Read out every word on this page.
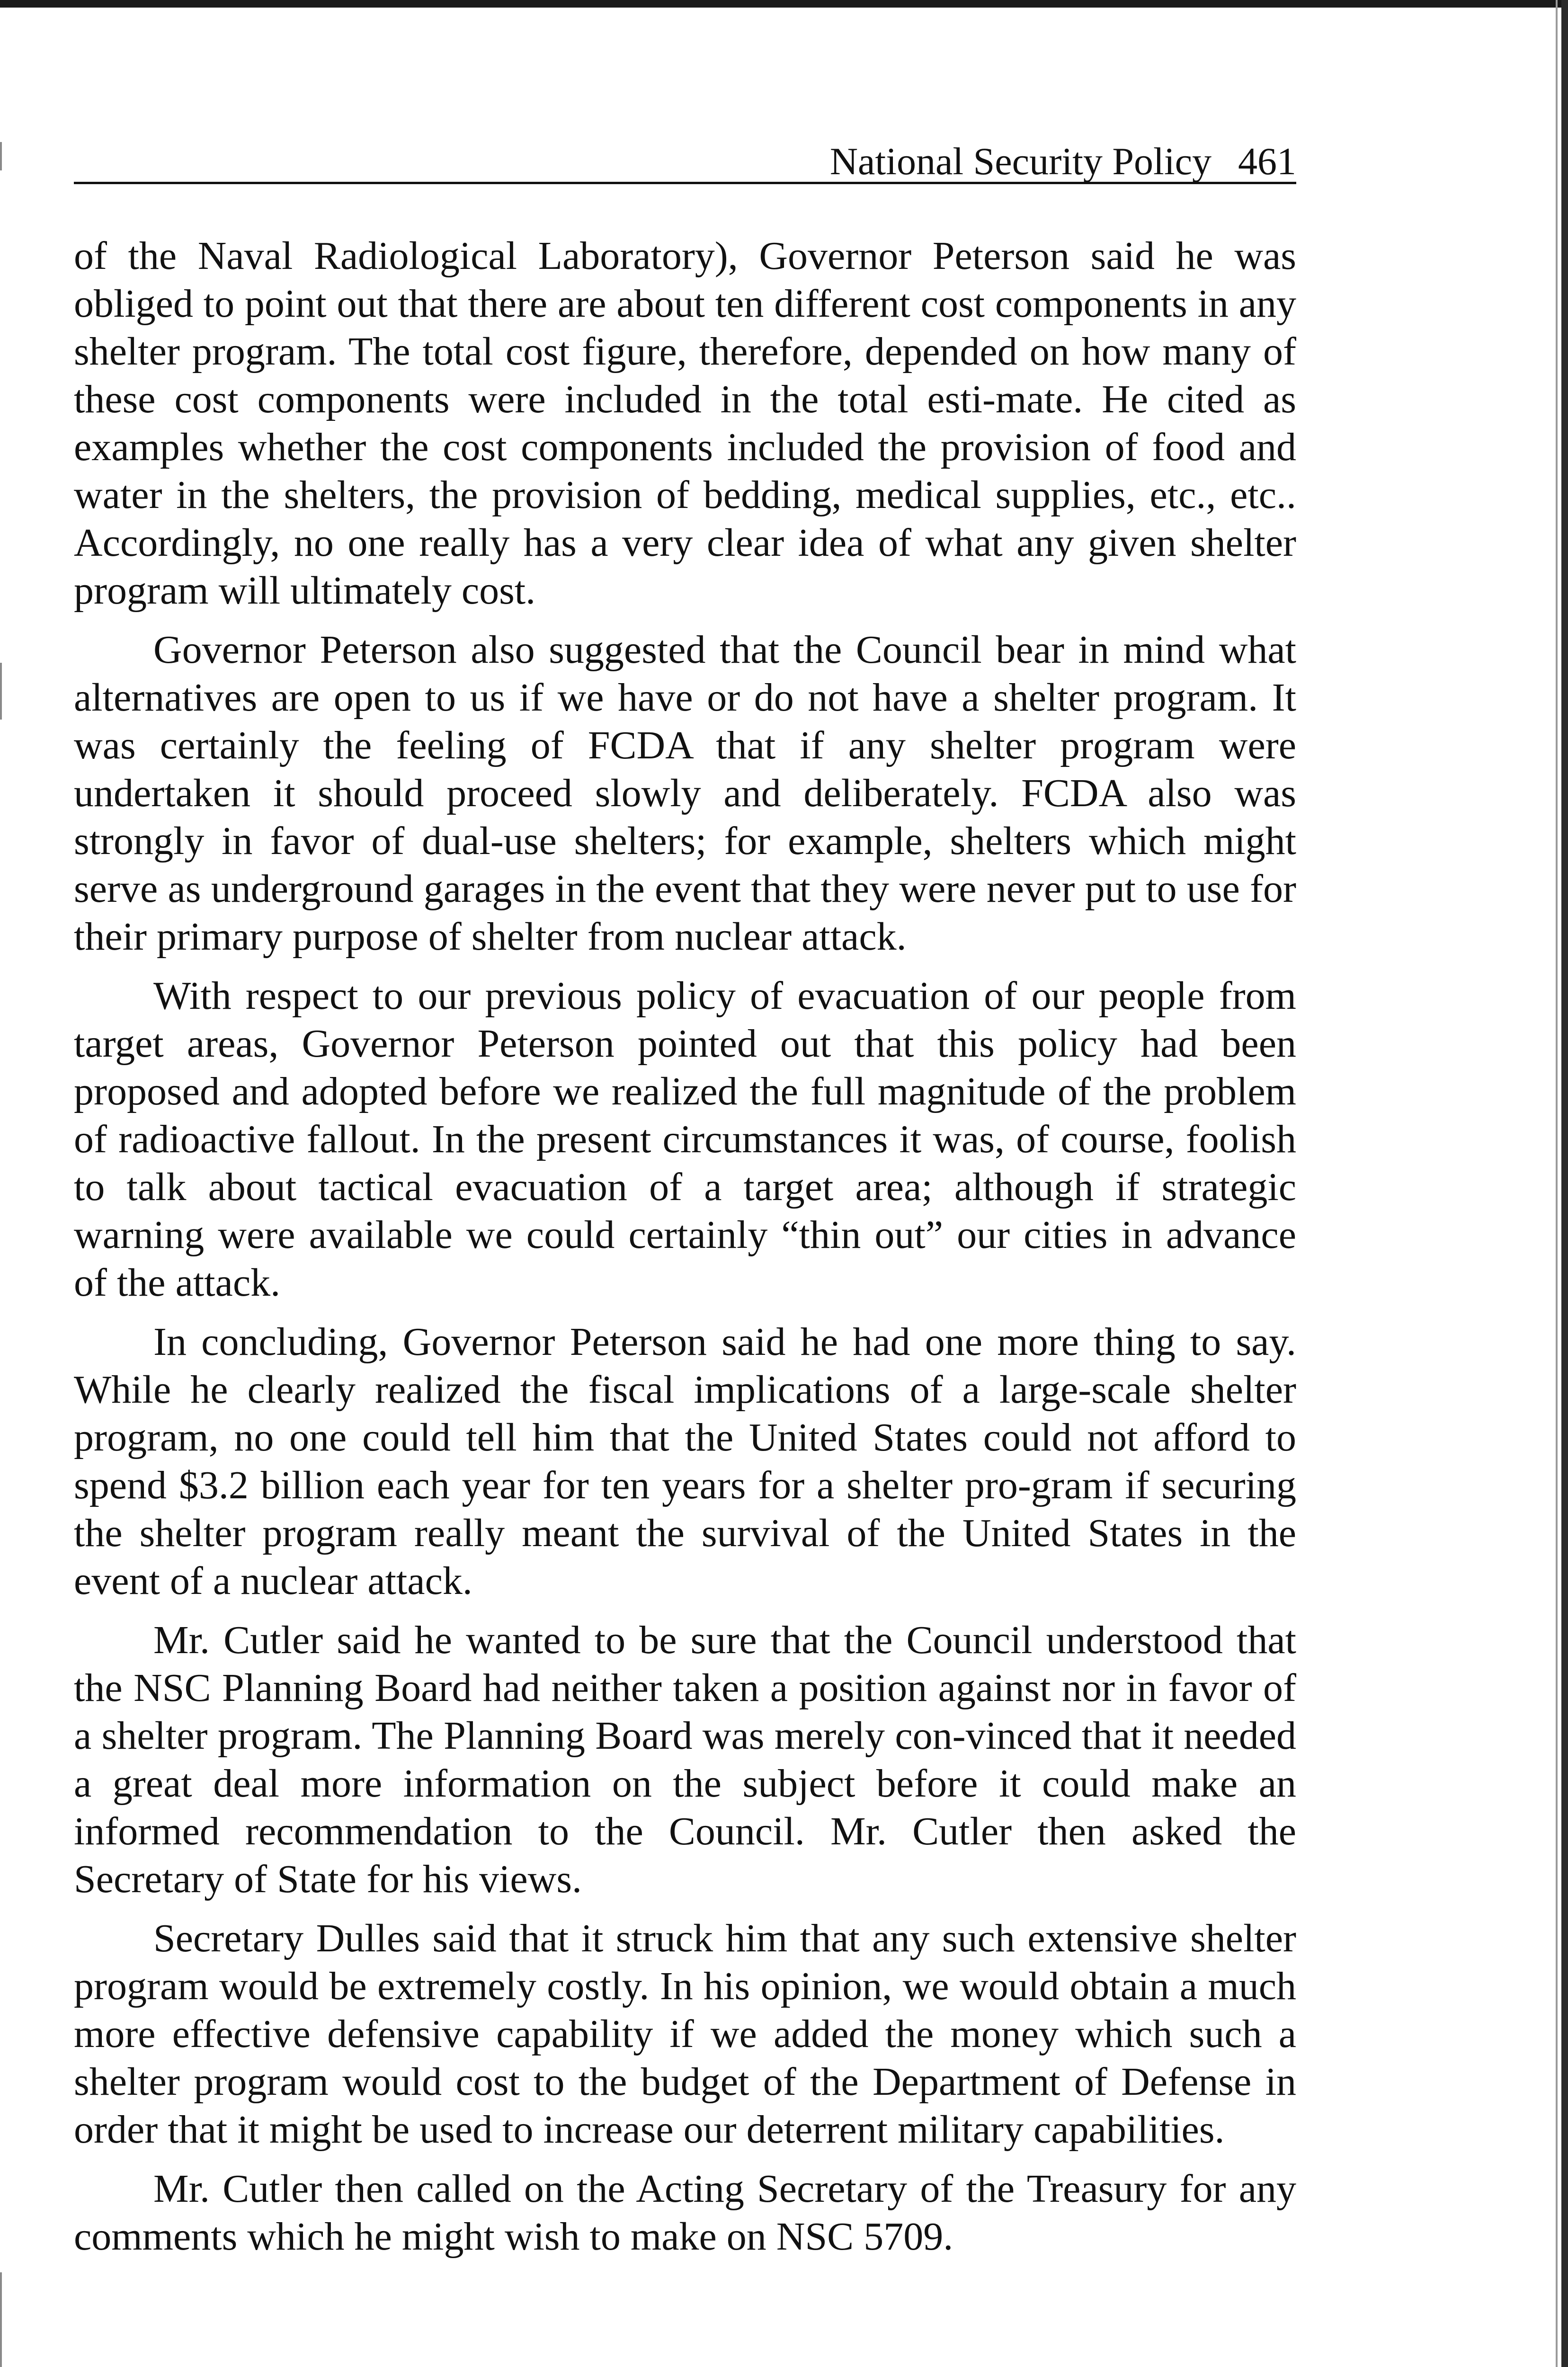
National Security Policy 461

of the Naval Radiological Laboratory), Governor Peterson said he was obliged to point out that there are about ten different cost components in any shelter program. The total cost figure, therefore, depended on how many of these cost components were included in the total esti-mate. He cited as examples whether the cost components included the provision of food and water in the shelters, the provision of bedding, medical supplies, etc., etc.. Accordingly, no one really has a very clear idea of what any given shelter program will ultimately cost.

Governor Peterson also suggested that the Council bear in mind what alternatives are open to us if we have or do not have a shelter program. It was certainly the feeling of FCDA that if any shelter program were undertaken it should proceed slowly and deliberately. FCDA also was strongly in favor of dual-use shelters; for example, shelters which might serve as underground garages in the event that they were never put to use for their primary purpose of shelter from nuclear attack.

With respect to our previous policy of evacuation of our people from target areas, Governor Peterson pointed out that this policy had been proposed and adopted before we realized the full magnitude of the problem of radioactive fallout. In the present circumstances it was, of course, foolish to talk about tactical evacuation of a target area; although if strategic warning were available we could certainly “thin out” our cities in advance of the attack.

In concluding, Governor Peterson said he had one more thing to say. While he clearly realized the fiscal implications of a large-scale shelter program, no one could tell him that the United States could not afford to spend $3.2 billion each year for ten years for a shelter pro-gram if securing the shelter program really meant the survival of the United States in the event of a nuclear attack.

Mr. Cutler said he wanted to be sure that the Council understood that the NSC Planning Board had neither taken a position against nor in favor of a shelter program. The Planning Board was merely con-vinced that it needed a great deal more information on the subject before it could make an informed recommendation to the Council. Mr. Cutler then asked the Secretary of State for his views.

Secretary Dulles said that it struck him that any such extensive shelter program would be extremely costly. In his opinion, we would obtain a much more effective defensive capability if we added the money which such a shelter program would cost to the budget of the Department of Defense in order that it might be used to increase our deterrent military capabilities.

Mr. Cutler then called on the Acting Secretary of the Treasury for any comments which he might wish to make on NSC 5709.
